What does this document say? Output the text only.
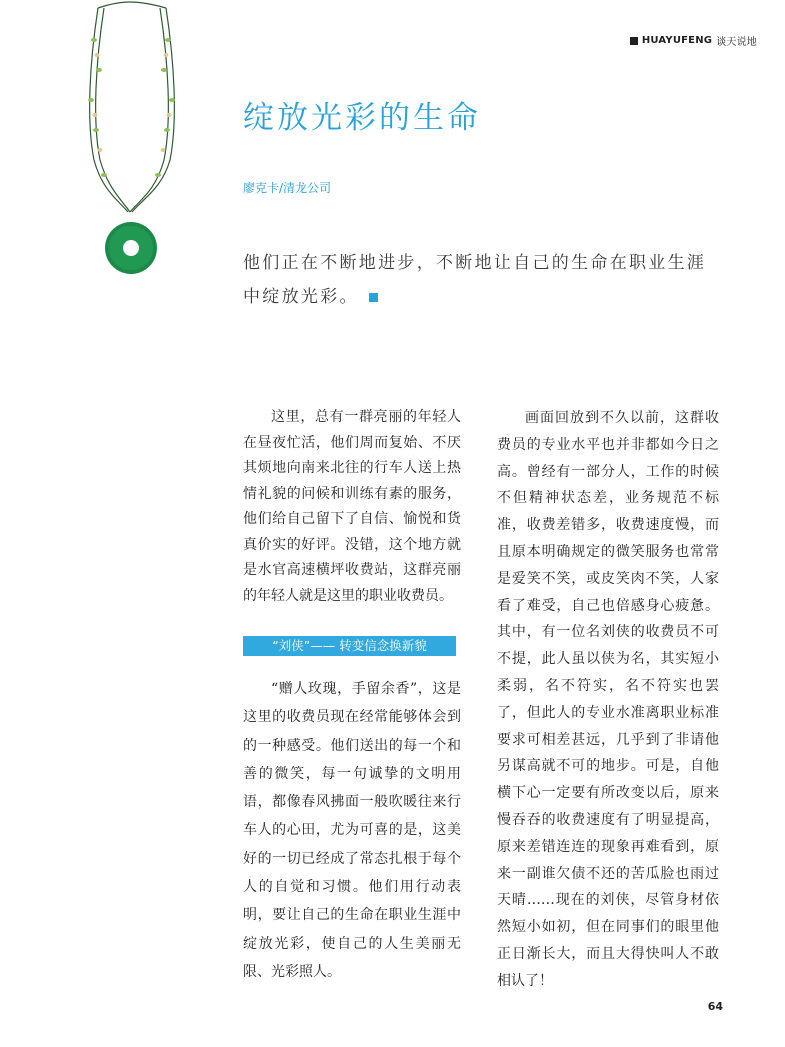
HUAYUFENG 谈天说地
绽放光彩的生命
廖克卡/清龙公司

他们正在不断地进步，不断地让自己的生命在职业生涯中绽放光彩。

这里，总有一群亮丽的年轻人在昼夜忙活，他们周而复始、不厌其烦地向南来北往的行车人送上热情礼貌的问候和训练有素的服务，他们给自己留下了自信、愉悦和货真价实的好评。没错，这个地方就是水官高速横坪收费站，这群亮丽的年轻人就是这里的职业收费员。

“刘侠”—— 转变信念换新貌

“赠人玫瑰，手留余香”，这是这里的收费员现在经常能够体会到的一种感受。他们送出的每一个和善的微笑，每一句诚挚的文明用语，都像春风拂面一般吹暖往来行车人的心田，尤为可喜的是，这美好的一切已经成了常态扎根于每个人的自觉和习惯。他们用行动表明，要让自己的生命在职业生涯中绽放光彩，使自己的人生美丽无限、光彩照人。

画面回放到不久以前，这群收费员的专业水平也并非都如今日之高。曾经有一部分人，工作的时候不但精神状态差，业务规范不标准，收费差错多，收费速度慢，而且原本明确规定的微笑服务也常常是爱笑不笑，或皮笑肉不笑，人家看了难受，自己也倍感身心疲惫。其中，有一位名刘侠的收费员不可不提，此人虽以侠为名，其实短小柔弱，名不符实，名不符实也罢了，但此人的专业水准离职业标准要求可相差甚远，几乎到了非请他另谋高就不可的地步。可是，自他横下心一定要有所改变以后，原来慢吞吞的收费速度有了明显提高，原来差错连连的现象再难看到，原来一副谁欠债不还的苦瓜脸也雨过天晴……现在的刘侠，尽管身材依然短小如初，但在同事们的眼里他正日渐长大，而且大得快叫人不敢相认了！

64
